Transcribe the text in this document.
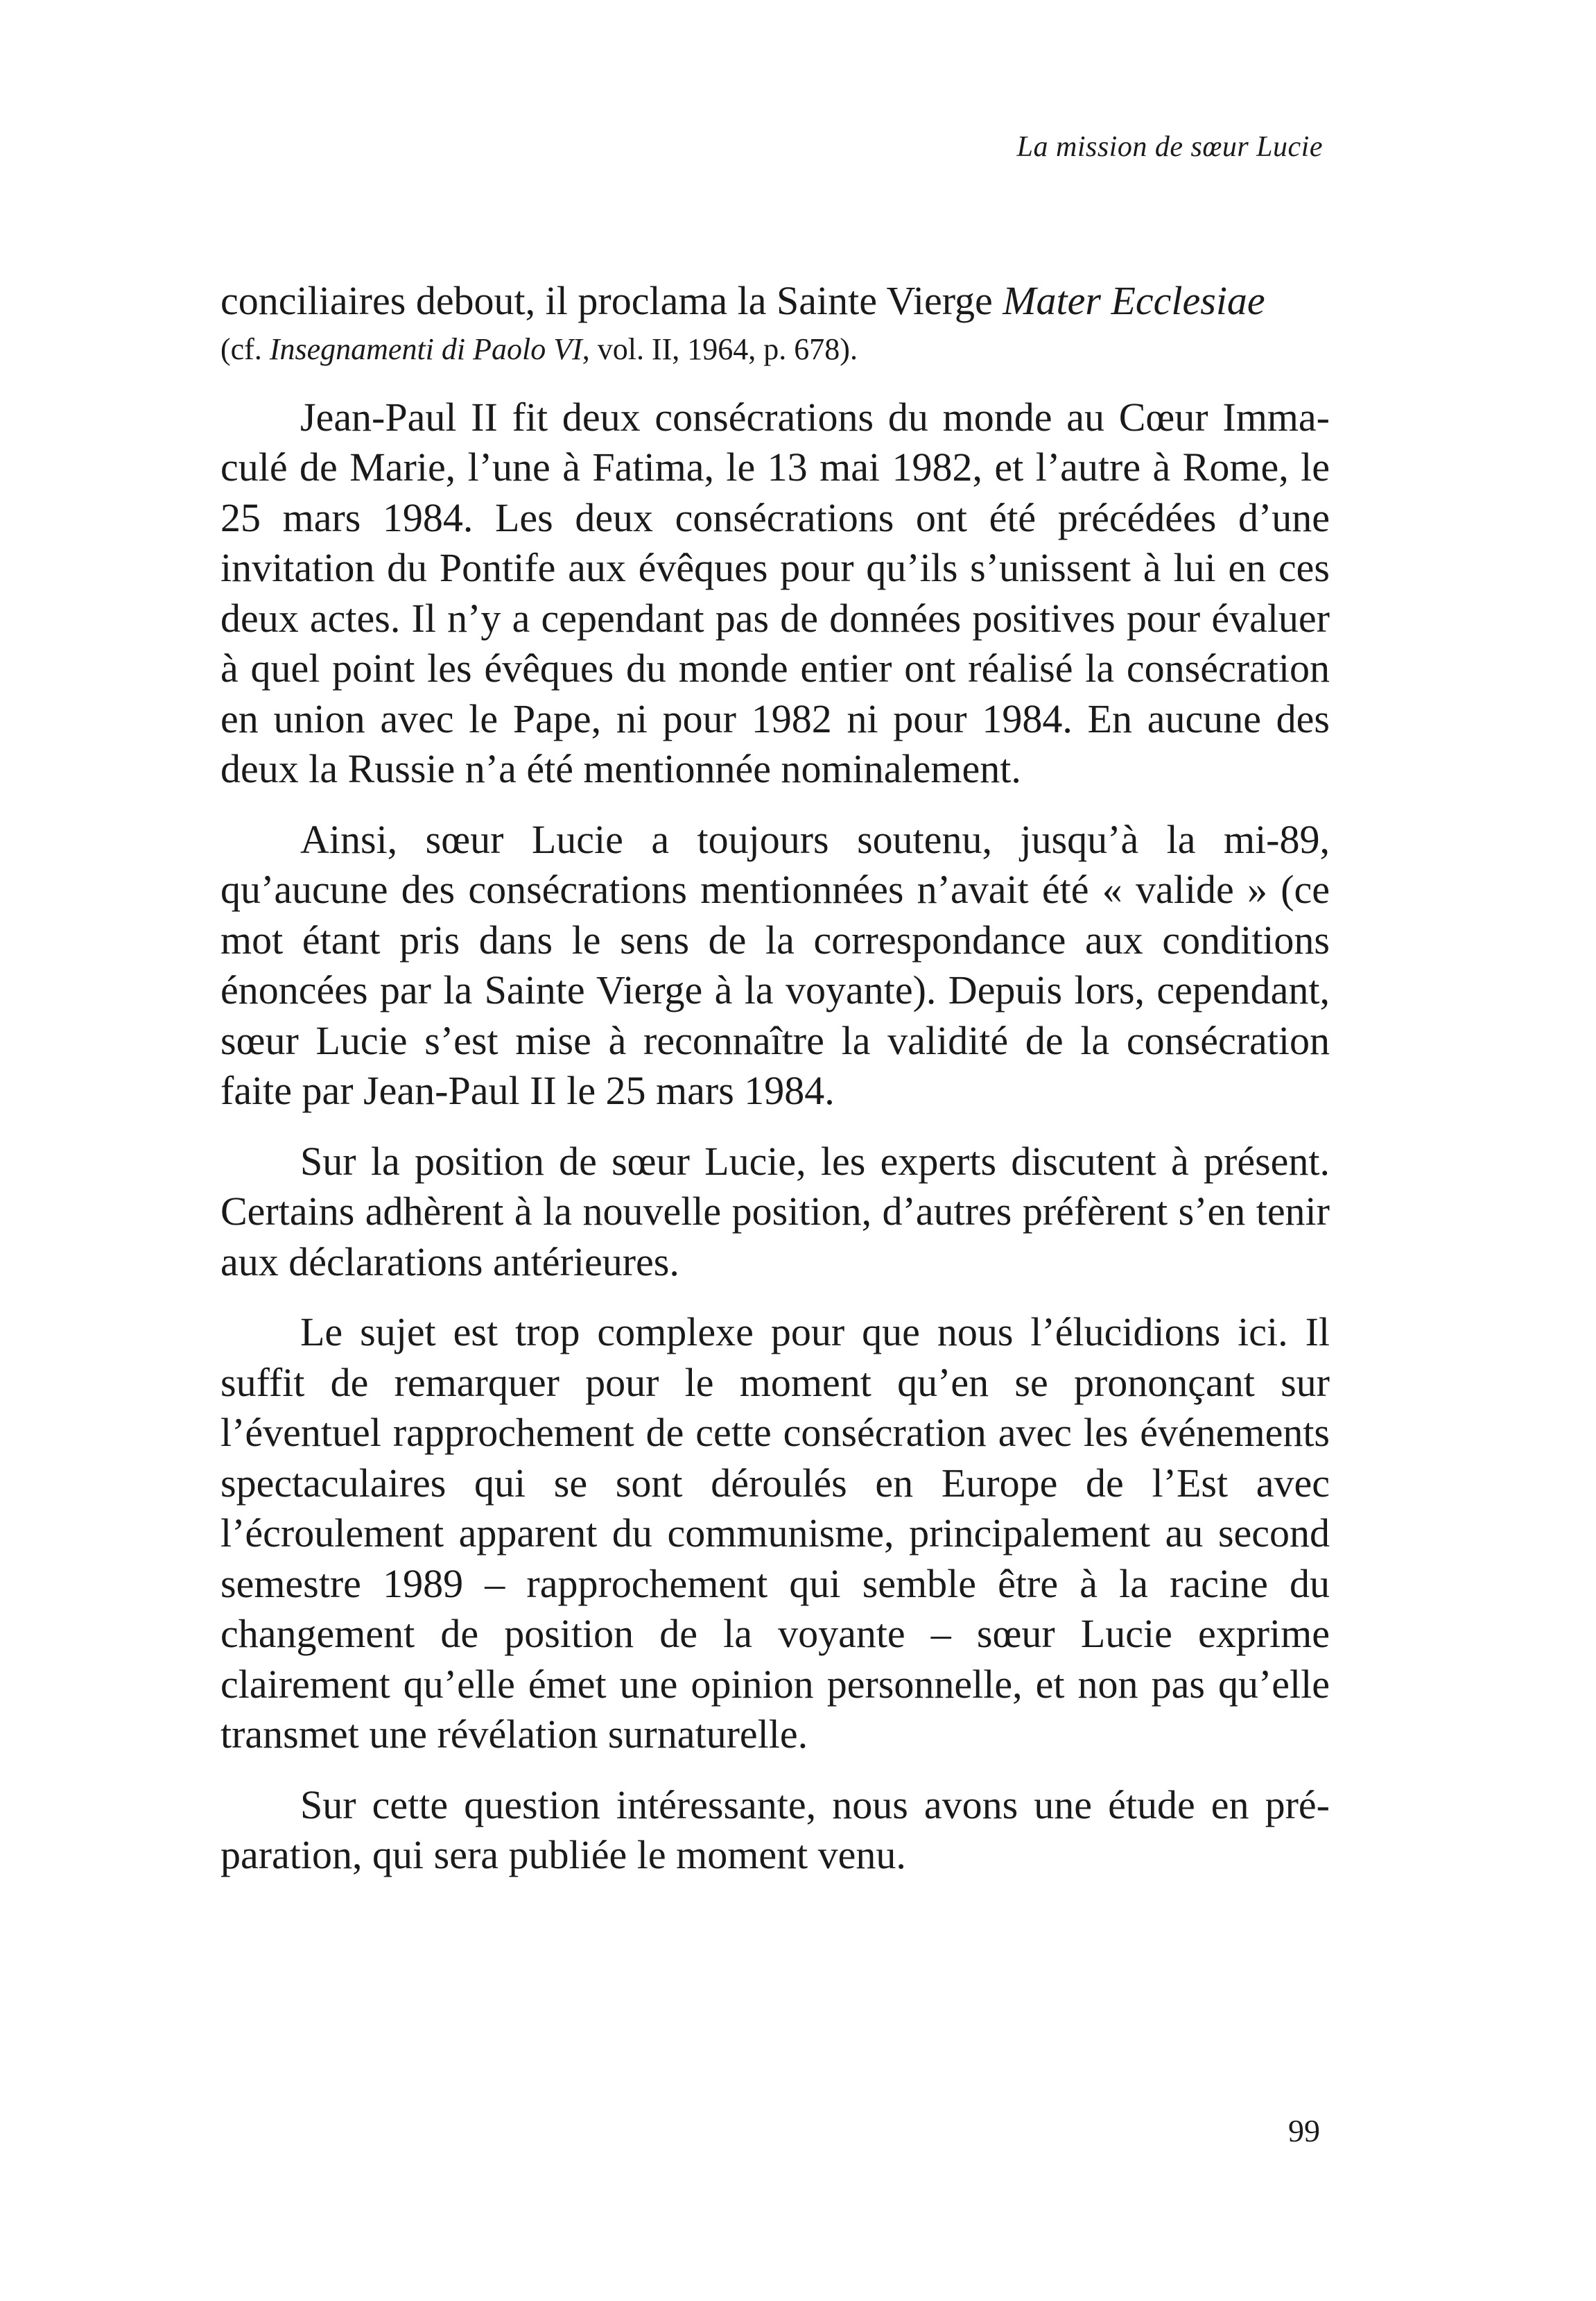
La mission de sœur Lucie

conciliaires debout, il proclama la Sainte Vierge Mater Ecclesiae
(cf. Insegnamenti di Paolo VI, vol. II, 1964, p. 678).

Jean-Paul II fit deux consécrations du monde au Cœur Immaculé de Marie, l’une à Fatima, le 13 mai 1982, et l’autre à Rome, le 25 mars 1984. Les deux consécrations ont été précédées d’une invitation du Pontife aux évêques pour qu’ils s’unissent à lui en ces deux actes. Il n’y a cependant pas de données positives pour évaluer à quel point les évêques du monde entier ont réalisé la consécration en union avec le Pape, ni pour 1982 ni pour 1984. En aucune des deux la Russie n’a été mentionnée nominalement.

Ainsi, sœur Lucie a toujours soutenu, jusqu’à la mi-89, qu’aucune des consécrations mentionnées n’avait été « valide » (ce mot étant pris dans le sens de la correspondance aux conditions énoncées par la Sainte Vierge à la voyante). Depuis lors, cependant, sœur Lucie s’est mise à reconnaître la validité de la consécration faite par Jean-Paul II le 25 mars 1984.

Sur la position de sœur Lucie, les experts discutent à présent. Certains adhèrent à la nouvelle position, d’autres préfèrent s’en tenir aux déclarations antérieures.

Le sujet est trop complexe pour que nous l’élucidions ici. Il suffit de remarquer pour le moment qu’en se prononçant sur l’éventuel rapprochement de cette consécration avec les événements spectaculaires qui se sont déroulés en Europe de l’Est avec l’écroulement apparent du communisme, principalement au second semestre 1989 – rapprochement qui semble être à la racine du changement de position de la voyante – sœur Lucie exprime clairement qu’elle émet une opinion personnelle, et non pas qu’elle transmet une révélation surnaturelle.

Sur cette question intéressante, nous avons une étude en préparation, qui sera publiée le moment venu.

99
